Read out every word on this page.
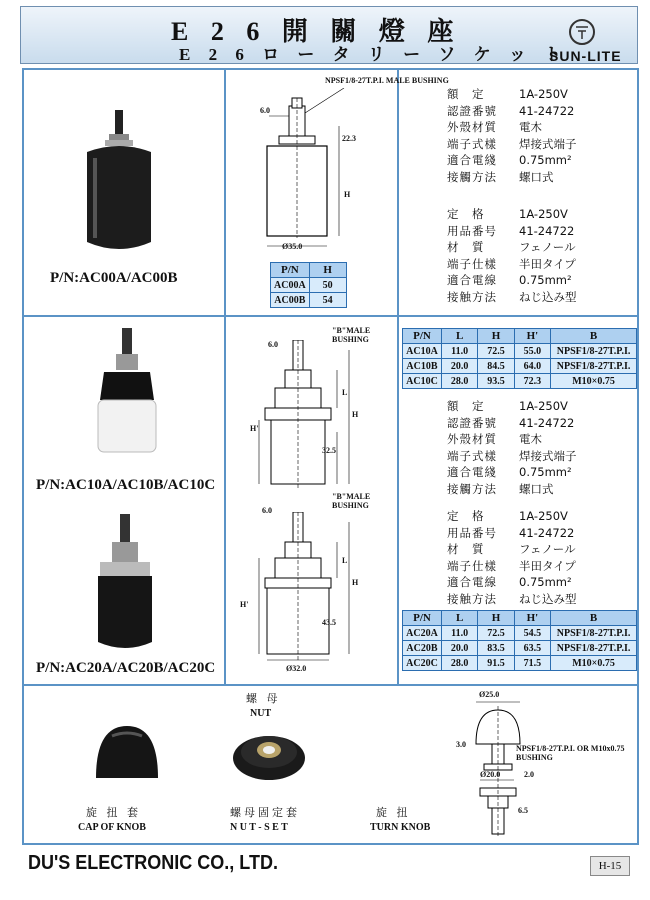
E 2 6 開 關 燈 座
E 2 6 ロ ー タ リ ー ソ ケ ッ ト
SUN-LITE
P/N:AC00A/AC00B
NPSF1/8-27T.P.I. MALE BUSHING
6.0
22.3
H
Ø35.0
P/N	H
AC00A	50
AC00B	54
額　定	1A-250V
認證番號	41-24722
外殼材質	電木
端子式樣	焊接式端子
適合電綫	0.75mm²
接觸方法	螺口式
定　格	1A-250V
用品番号	41-24722
材　質	フェノール
端子仕樣	半田タイプ
適合電線	0.75mm²
接触方法	ねじ込み型
P/N:AC10A/AC10B/AC10C
P/N:AC20A/AC20B/AC20C
"B"MALE BUSHING
6.0
L
H
H'
32.5
"B"MALE BUSHING
6.0
L
H
H'
43.5
Ø32.0
P/N	L	H	H'	B
AC10A	11.0	72.5	55.0	NPSF1/8-27T.P.I.
AC10B	20.0	84.5	64.0	NPSF1/8-27T.P.I.
AC10C	28.0	93.5	72.3	M10×0.75
額　定	1A-250V
認證番號	41-24722
外殼材質	電木
端子式樣	焊接式端子
適合電綫	0.75mm²
接觸方法	螺口式
定　格	1A-250V
用品番号	41-24722
材　質	フェノール
端子仕樣	半田タイプ
適合電線	0.75mm²
接触方法	ねじ込み型
P/N	L	H	H'	B
AC20A	11.0	72.5	54.5	NPSF1/8-27T.P.I.
AC20B	20.0	83.5	63.5	NPSF1/8-27T.P.I.
AC20C	28.0	91.5	71.5	M10×0.75
旋 扭 套
CAP OF KNOB
螺 母
NUT
螺母固定套
N U T - S E T
旋 扭
TURN KNOB
Ø25.0
3.0	NPSF1/8-27T.P.I. OR M10x0.75 BUSHING
Ø20.0	2.0
6.5
DU'S ELECTRONIC CO., LTD.	H-15
